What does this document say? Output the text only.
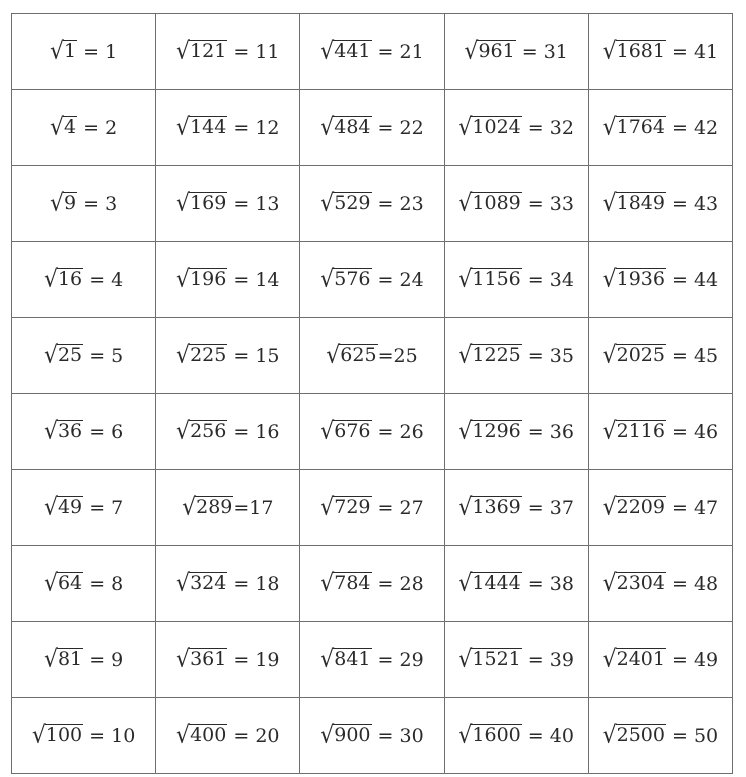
√ 1 = 1	√ 121 = 11	√ 441 = 21	√ 961 = 31	√ 1681 = 41

√ 4 = 2	√ 144 = 12	√ 484 = 22	√ 1024 = 32	√ 1764 = 42

√ 9 = 3	√ 169 = 13	√ 529 = 23	√ 1089 = 33	√ 1849 = 43

√ 16 = 4	√ 196 = 14	√ 576 = 24	√ 1156 = 34	√ 1936 = 44

√ 25 = 5	√ 225 = 15	√ 625 =25	√ 1225 = 35	√ 2025 = 45

√ 36 = 6	√ 256 = 16	√ 676 = 26	√ 1296 = 36	√ 2116 = 46

√ 49 = 7	√ 289 =17	√ 729 = 27	√ 1369 = 37	√ 2209 = 47

√ 64 = 8	√ 324 = 18	√ 784 = 28	√ 1444 = 38	√ 2304 = 48

√ 81 = 9	√ 361 = 19	√ 841 = 29	√ 1521 = 39	√ 2401 = 49

√ 100 = 10	√ 400 = 20	√ 900 = 30	√ 1600 = 40	√ 2500 = 50
